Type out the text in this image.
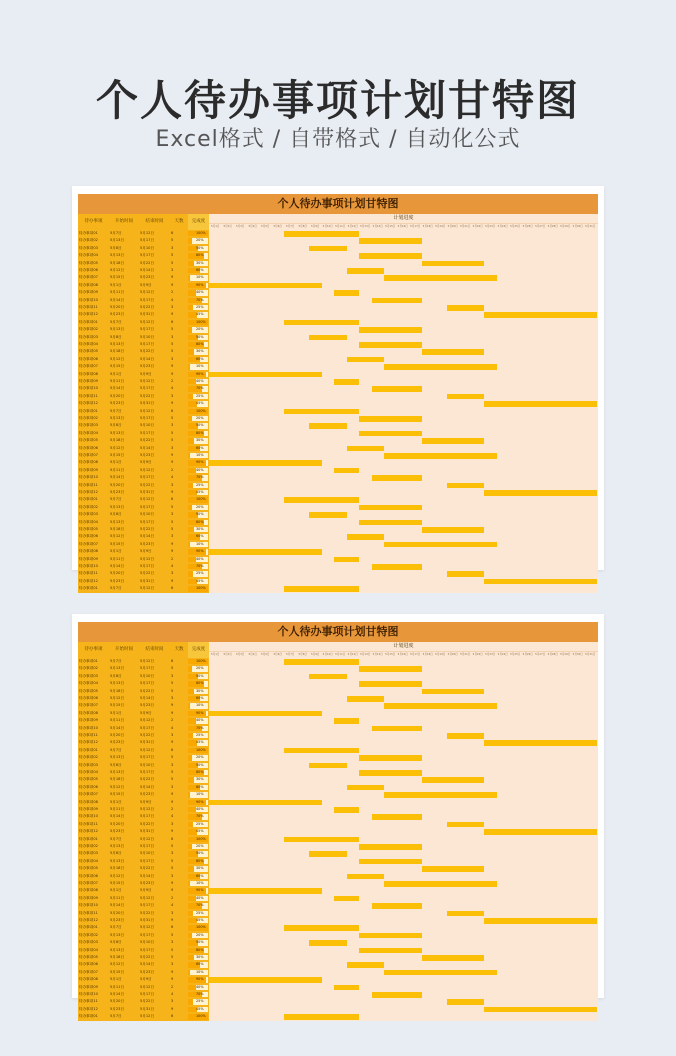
个人待办事项计划甘特图
Excel格式 / 自带格式 / 自动化公式
个人待办事项计划甘特图
待办事项	开始时间	结束时间	天数	完成度
待办事项01	5月7日	5月12日	6	100%
待办事项02	5月13日	5月17日	5	20%
待办事项03	5月8日	5月10日	3	50%
待办事项04	5月13日	5月17日	5	80%
待办事项05	5月18日	5月22日	5	30%
待办事项06	5月12日	5月14日	3	60%
待办事项07	5月15日	5月23日	9	10%
待办事项08	5月1日	5月9日	9	90%
待办事项09	5月11日	5月12日	2	40%
待办事项10	5月14日	5月17日	4	70%
待办事项11	5月20日	5月22日	3	25%
待办事项12	5月23日	5月31日	9	45%
待办事项01	5月7日	5月12日	6	100%
待办事项02	5月13日	5月17日	5	20%
待办事项03	5月8日	5月10日	3	50%
待办事项04	5月13日	5月17日	5	80%
待办事项05	5月18日	5月22日	5	30%
待办事项06	5月12日	5月14日	3	60%
待办事项07	5月15日	5月23日	9	10%
待办事项08	5月1日	5月9日	9	90%
待办事项09	5月11日	5月12日	2	40%
待办事项10	5月14日	5月17日	4	70%
待办事项11	5月20日	5月22日	3	25%
待办事项12	5月23日	5月31日	9	45%
待办事项01	5月7日	5月12日	6	100%
待办事项02	5月13日	5月17日	5	20%
待办事项03	5月8日	5月10日	3	50%
待办事项04	5月13日	5月17日	5	80%
待办事项05	5月18日	5月22日	5	30%
待办事项06	5月12日	5月14日	3	60%
待办事项07	5月15日	5月23日	9	10%
待办事项08	5月1日	5月9日	9	90%
待办事项09	5月11日	5月12日	2	40%
待办事项10	5月14日	5月17日	4	70%
待办事项11	5月20日	5月22日	3	25%
待办事项12	5月23日	5月31日	9	45%
待办事项01	5月7日	5月12日	6	100%
待办事项02	5月13日	5月17日	5	20%
待办事项03	5月8日	5月10日	3	50%
待办事项04	5月13日	5月17日	5	80%
待办事项05	5月18日	5月22日	5	30%
待办事项06	5月12日	5月14日	3	60%
待办事项07	5月15日	5月23日	9	10%
待办事项08	5月1日	5月9日	9	90%
待办事项09	5月11日	5月12日	2	40%
待办事项10	5月14日	5月17日	4	70%
待办事项11	5月20日	5月22日	3	25%
待办事项12	5月23日	5月31日	9	45%
待办事项01	5月7日	5月12日	6	100%
计划进度
5月1日	5月2日	5月3日	5月4日	5月5日	5月6日	5月7日	5月8日	5月9日	5月10日 5月11日 5月12日 5月13日 5月14日 5月15日 5月16日 5月17日 5月18日 5月19日 5月20日 5月21日 5月22日 5月23日 5月24日 5月25日 5月26日 5月27日 5月28日 5月29日 5月30日 5月31日
个人待办事项计划甘特图
待办事项	开始时间	结束时间	天数	完成度
待办事项01	5月7日	5月12日	6	100%
待办事项02	5月13日	5月17日	5	20%
待办事项03	5月8日	5月10日	3	50%
待办事项04	5月13日	5月17日	5	80%
待办事项05	5月18日	5月22日	5	30%
待办事项06	5月12日	5月14日	3	60%
待办事项07	5月15日	5月23日	9	10%
待办事项08	5月1日	5月9日	9	90%
待办事项09	5月11日	5月12日	2	40%
待办事项10	5月14日	5月17日	4	70%
待办事项11	5月20日	5月22日	3	25%
待办事项12	5月23日	5月31日	9	45%
待办事项01	5月7日	5月12日	6	100%
待办事项02	5月13日	5月17日	5	20%
待办事项03	5月8日	5月10日	3	50%
待办事项04	5月13日	5月17日	5	80%
待办事项05	5月18日	5月22日	5	30%
待办事项06	5月12日	5月14日	3	60%
待办事项07	5月15日	5月23日	9	10%
待办事项08	5月1日	5月9日	9	90%
待办事项09	5月11日	5月12日	2	40%
待办事项10	5月14日	5月17日	4	70%
待办事项11	5月20日	5月22日	3	25%
待办事项12	5月23日	5月31日	9	45%
待办事项01	5月7日	5月12日	6	100%
待办事项02	5月13日	5月17日	5	20%
待办事项03	5月8日	5月10日	3	50%
待办事项04	5月13日	5月17日	5	80%
待办事项05	5月18日	5月22日	5	30%
待办事项06	5月12日	5月14日	3	60%
待办事项07	5月15日	5月23日	9	10%
待办事项08	5月1日	5月9日	9	90%
待办事项09	5月11日	5月12日	2	40%
待办事项10	5月14日	5月17日	4	70%
待办事项11	5月20日	5月22日	3	25%
待办事项12	5月23日	5月31日	9	45%
待办事项01	5月7日	5月12日	6	100%
待办事项02	5月13日	5月17日	5	20%
待办事项03	5月8日	5月10日	3	50%
待办事项04	5月13日	5月17日	5	80%
待办事项05	5月18日	5月22日	5	30%
待办事项06	5月12日	5月14日	3	60%
待办事项07	5月15日	5月23日	9	10%
待办事项08	5月1日	5月9日	9	90%
待办事项09	5月11日	5月12日	2	40%
待办事项10	5月14日	5月17日	4	70%
待办事项11	5月20日	5月22日	3	25%
待办事项12	5月23日	5月31日	9	45%
待办事项01	5月7日	5月12日	6	100%
计划进度
5月1日	5月2日	5月3日	5月4日	5月5日	5月6日	5月7日	5月8日	5月9日	5月10日 5月11日 5月12日 5月13日 5月14日 5月15日 5月16日 5月17日 5月18日 5月19日 5月20日 5月21日 5月22日 5月23日 5月24日 5月25日 5月26日 5月27日 5月28日 5月29日 5月30日 5月31日
